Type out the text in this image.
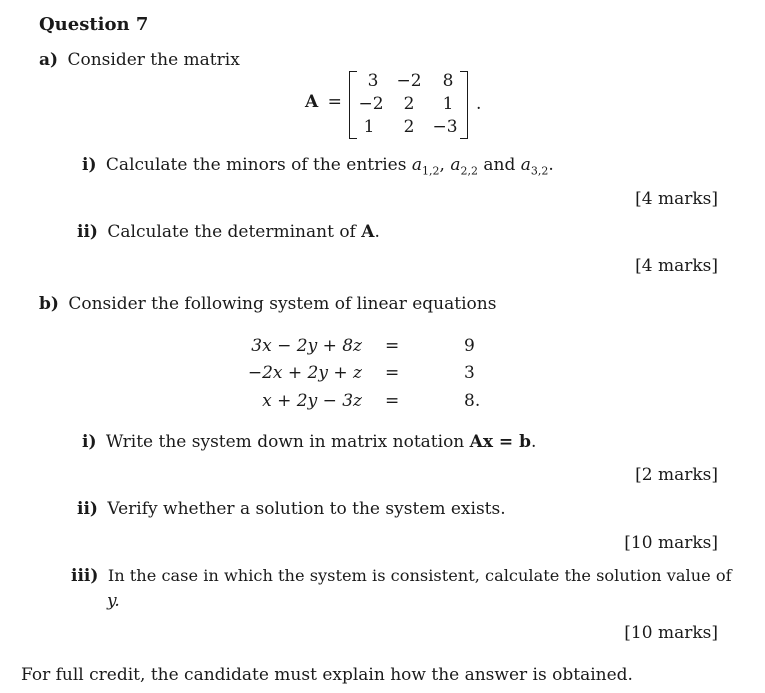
Question 7
a) Consider the matrix
A =
3	−2	8
−2	2	1
1	2	−3
.
i) Calculate the minors of the entries $a_{1,2}$, $a_{2,2}$ and $a_{3,2}$.
[4 marks]
ii) Calculate the determinant of A.
[4 marks]
b) Consider the following system of linear equations
3x − 2y + 8z =	9
−2x + 2y + z =	3
x + 2y − 3z =	8.
i) Write the system down in matrix notation Ax = b.
[2 marks]
ii) Verify whether a solution to the system exists.
[10 marks]
iii) In the case in which the system is consistent, calculate the solution value of
y.
[10 marks]
For full credit, the candidate must explain how the answer is obtained.
